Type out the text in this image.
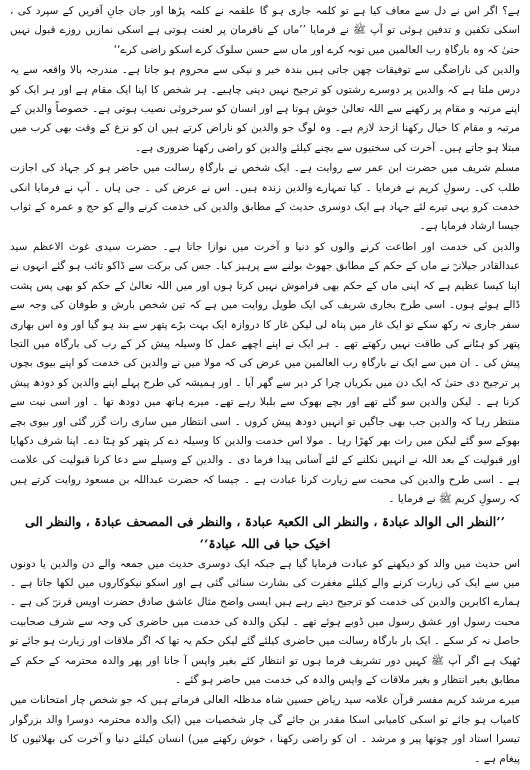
ہے؟ اگر اس نے دل سے معاف کیا ہے تو کلمہ جاری ہو گا علقمہ نے کلمہ پڑھا اور جان جانِ آفریں کے سپرد کی ، اسکی تکفین و تدفین ہوئی تو آپ ﷺ نے فرمایا ’’ماں کے نافرمان پر لعنت ہوتی ہے اسکی نمازیں روزے قبول نہیں حتیٰ کہ وہ بارگاہِ رب العالمین میں توبہ کرے اور ماں سے حسن سلوک کرے اسکو راضی کرے‘‘

والدین کی ناراضگی سے توفیقات چھن جاتی ہیں بندہ خیر و نیکی سے محروم ہو جاتا ہے۔ مندرجہ بالا واقعہ سے یہ درس ملتا ہے کہ والدین پر دوسرے رشتوں کو ترجیح نہیں دینی چاہیے۔ ہر شخص کا اپنا ایک مقام ہے اور ہر ایک کو اپنے مرتبہ و مقام پر رکھنے سے اللہ تعالیٰ خوش ہوتا ہے اور انسان کو سرخروئی نصیب ہوتی ہے۔ خصوصاً والدین کے مرتبہ و مقام کا خیال رکھنا ازحد لازم ہے۔ وہ لوگ جو والدین کو ناراض کرتے ہیں ان کو نزع کے وقت بھی کرب میں مبتلا ہو جاتے ہیں۔ آخرت کی سختیوں سے بچنے کیلئے والدین کو راضی رکھنا ضروری ہے۔

مسلم شریف میں حضرت ابن عمر سے روایت ہے۔ ایک شخص نے بارگاہِ رسالت میں حاضر ہو کر جہاد کی اجازت طلب کی۔ رسولِ کریم نے فرمایا ۔ کیا تمہارے والدین زندہ ہیں۔ اس نے عرض کی ۔ جی ہاں ۔ آپ نے فرمایا انکی خدمت کرو یہی تیرے لئے جہاد ہے ایک دوسری حدیث کے مطابق والدین کی خدمت کرنے والے کو حج و عمرہ کے ثواب جیسا ارشاد فرمایا ہے۔

والدین کی خدمت اور اطاعت کرنے والوں کو دنیا و آخرت میں نوازا جاتا ہے۔ حضرت سیدی غوث الاعظم سید عبدالقادر جیلانیؒ نے ماں کے حکم کے مطابق جھوٹ بولنے سے پرہیز کیا۔ جس کی برکت سے ڈاکو تائب ہو گئے انہوں نے اپنا کیسا عظیم ہے کہ اپنی ماں کے حکم بھی فراموش نہیں کرتا ہوں اور میں اللہ تعالیٰ کے حکم کو بھی پس پشت ڈالے ہوئے ہوں۔ اسی طرح بخاری شریف کی ایک طویل روایت میں ہے کہ تین شخص بارش و طوفان کی وجہ سے سفر جاری نہ رکھ سکے تو ایک غار میں پناہ لی لیکن غار کا دروازہ ایک بہت بڑے پتھر سے بند ہو گیا اور وہ اس بھاری پتھر کو ہٹانے کی طاقت نہیں رکھتے تھے ۔ ہر ایک نے اپنے اچھے عمل کا وسیلہ پیش کر کے رب کی بارگاہ میں التجا پیش کی ۔ ان میں سے ایک نے بارگاہِ رب العالمین میں عرض کی کہ مولا میں نے والدین کی خدمت کو اپنے بیوی بچوں پر ترجیح دی حتیٰ کہ ایک دن میں بکریاں چرا کر دیر سے گھر آیا ۔ اور ہمیشہ کی طرح پہلے اپنے والدین کو دودھ پیش کرنا ہے ۔ لیکن والدین سو گئے تھے اور بچے بھوک سے بلبلا رہے تھے۔ میرے ہاتھ میں دودھ تھا ۔ اور اسی نیت سے منتظر رہا کہ والدین جب بھی جاگیں تو انہیں دودھ پیش کروں ۔ اسی انتظار میں ساری رات گزر گئی اور بیوی بچے بھوکے سو گئے لیکن میں رات بھر کھڑا رہا ۔ مولا اس خدمت والدین کا وسیلہ دے کر پتھر کو ہٹا دے۔ اپنا شرف دکھایا اور قبولیت کے بعد اللہ نے انہیں نکلنے کے لئے آسانی پیدا فرما دی ۔ والدین کے وسیلے سے دعا کرنا قبولیت کی علامت ہے ۔ اسی طرح والدین کی محبت سے زیارت کرنا عبادت ہے ۔ جیسا کہ حضرت عبداللہ بن مسعود روایت کرتے ہیں کہ رسولِ کریم ﷺ نے فرمایا ۔

’’النظر الی الوالد عبادۃ ، والنظر الی الکعبۃ عبادۃ ، والنظر فی المصحف عبادۃ ، والنظر الی اخیک حبا فی اللہ عبادۃ‘‘

اس حدیث میں والد کو دیکھنے کو عبادت فرمایا گیا ہے جبکہ ایک دوسری حدیث میں جمعہ والے دن والدین یا دونوں میں سے ایک کی زیارت کرنے والے کیلئے مغفرت کی بشارت سنائی گئی ہے اور اسکو نیکوکاروں میں لکھا جاتا ہے ۔ ہمارے اکابرین والدین کی خدمت کو ترجیح دیتے رہے ہیں ایسی واضح مثال عاشق صادق حضرت اویس قرنیؓ کی ہے ۔ محبت رسول اور عشق رسول میں ڈوبے ہوئے تھے ۔ لیکن والدہ کی خدمت میں حاضری کی وجہ سے شرف صحابیت حاصل نہ کر سکے ۔ ایک بار بارگاہ رسالت میں حاضری کیلئے گئے لیکن حکم یہ تھا کہ اگر ملاقات اور زیارت ہو جائے تو ٹھیک ہے اگر آپ ﷺ کہیں دور تشریف فرما ہوں تو انتظار کئے بغیر واپس آ جانا اور پھر والدہ محترمہ کے حکم کے مطابق بغیر انتظار و بغیر ملاقات کے واپس والدہ کی خدمت میں حاضر ہو گئے ۔

میرے مرشد کریم مفسر قرآن علامہ سید ریاض حسین شاہ مدظلہ العالی فرماتے ہیں کہ جو شخص چار امتحانات میں کامیاب ہو جائے تو اسکی کامیابی اسکا مقدر بن جائے گی چار شخصیات میں (ایک والدہ محترمہ دوسرا والد بزرگوار تیسرا استاد اور چوتھا پیر و مرشد ۔ ان کو راضی رکھنا ، خوش رکھنے میں) انسان کیلئے دنیا و آخرت کی بھلائیوں کا پیغام ہے ۔
